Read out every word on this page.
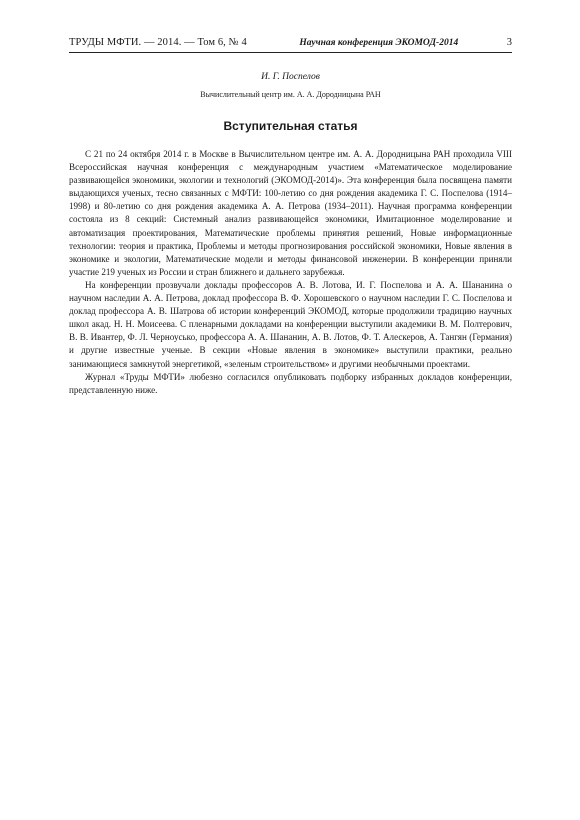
ТРУДЫ МФТИ. — 2014. — Том 6, № 4	Научная конференция ЭКОМОД-2014	3
И. Г. Поспелов
Вычислительный центр им. А. А. Дородницына РАН
Вступительная статья

С 21 по 24 октября 2014 г. в Москве в Вычислительном центре им. А. А. Дородницына РАН проходила VIII Всероссийская научная конференция с международным участием «Математическое моделирование развивающейся экономики, экологии и технологий (ЭКОМОД-2014)». Эта конференция была посвящена памяти выдающихся ученых, тесно связанных с МФТИ: 100-летию со дня рождения академика Г. С. Поспелова (1914–1998) и 80-летию со дня рождения академика А. А. Петрова (1934–2011). Научная программа конференции состояла из 8 секций: Системный анализ развивающейся экономики, Имитационное моделирование и автоматизация проектирования, Математические проблемы принятия решений, Новые информационные технологии: теория и практика, Проблемы и методы прогнозирования российской экономики, Новые явления в экономике и экологии, Математические модели и методы финансовой инженерии. В конференции приняли участие 219 ученых из России и стран ближнего и дальнего зарубежья.

На конференции прозвучали доклады профессоров А. В. Лотова, И. Г. Поспелова и А. А. Шананина о научном наследии А. А. Петрова, доклад профессора В. Ф. Хорошевского о научном наследии Г. С. Поспелова и доклад профессора А. В. Шатрова об истории конференций ЭКОМОД, которые продолжили традицию научных школ акад. Н. Н. Моисеева. С пленарными докладами на конференции выступили академики В. М. Полтерович, В. В. Ивантер, Ф. Л. Черноусько, профессора А. А. Шананин, А. В. Лотов, Ф. Т. Алескеров, А. Тангян (Германия) и другие известные ученые. В секции «Новые явления в экономике» выступили практики, реально занимающиеся замкнутой энергетикой, «зеленым строительством» и другими необычными проектами.

Журнал «Труды МФТИ» любезно согласился опубликовать подборку избранных докладов конференции, представленную ниже.
